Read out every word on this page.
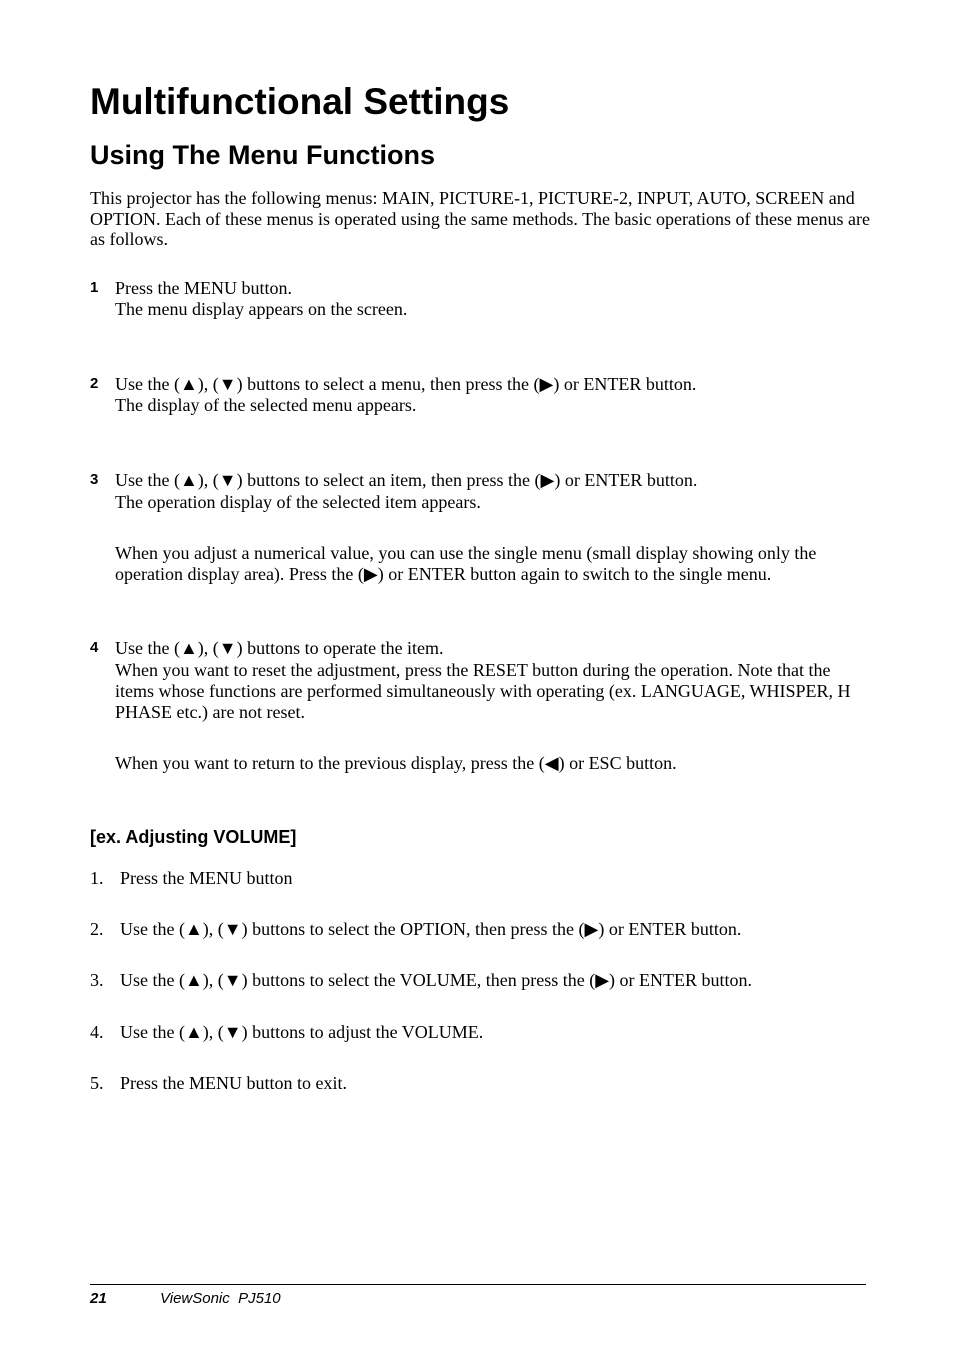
Multifunctional Settings
Using The Menu Functions

This projector has the following menus: MAIN, PICTURE-1, PICTURE-2, INPUT, AUTO, SCREEN and OPTION. Each of these menus is operated using the same methods. The basic operations of these menus are as follows.

1 Press the MENU button.

The menu display appears on the screen.

2 Use the (▲), (▼) buttons to select a menu, then press the (▶) or ENTER button.

The display of the selected menu appears.

3 Use the (▲), (▼) buttons to select an item, then press the (▶) or ENTER button.

The operation display of the selected item appears.

When you adjust a numerical value, you can use the single menu (small display showing only the operation display area). Press the (▶) or ENTER button again to switch to the single menu.

4 Use the (▲), (▼) buttons to operate the item.

When you want to reset the adjustment, press the RESET button during the operation. Note that the items whose functions are performed simultaneously with operating (ex. LANGUAGE, WHISPER, H PHASE etc.) are not reset.

When you want to return to the previous display, press the (◀) or ESC button.

[ex. Adjusting VOLUME]
1. Press the MENU button
2. Use the (▲), (▼) buttons to select the OPTION, then press the (▶) or ENTER button.
3. Use the (▲), (▼) buttons to select the VOLUME, then press the (▶) or ENTER button.
4. Use the (▲), (▼) buttons to adjust the VOLUME.
5. Press the MENU button to exit.
21	ViewSonic  PJ510
